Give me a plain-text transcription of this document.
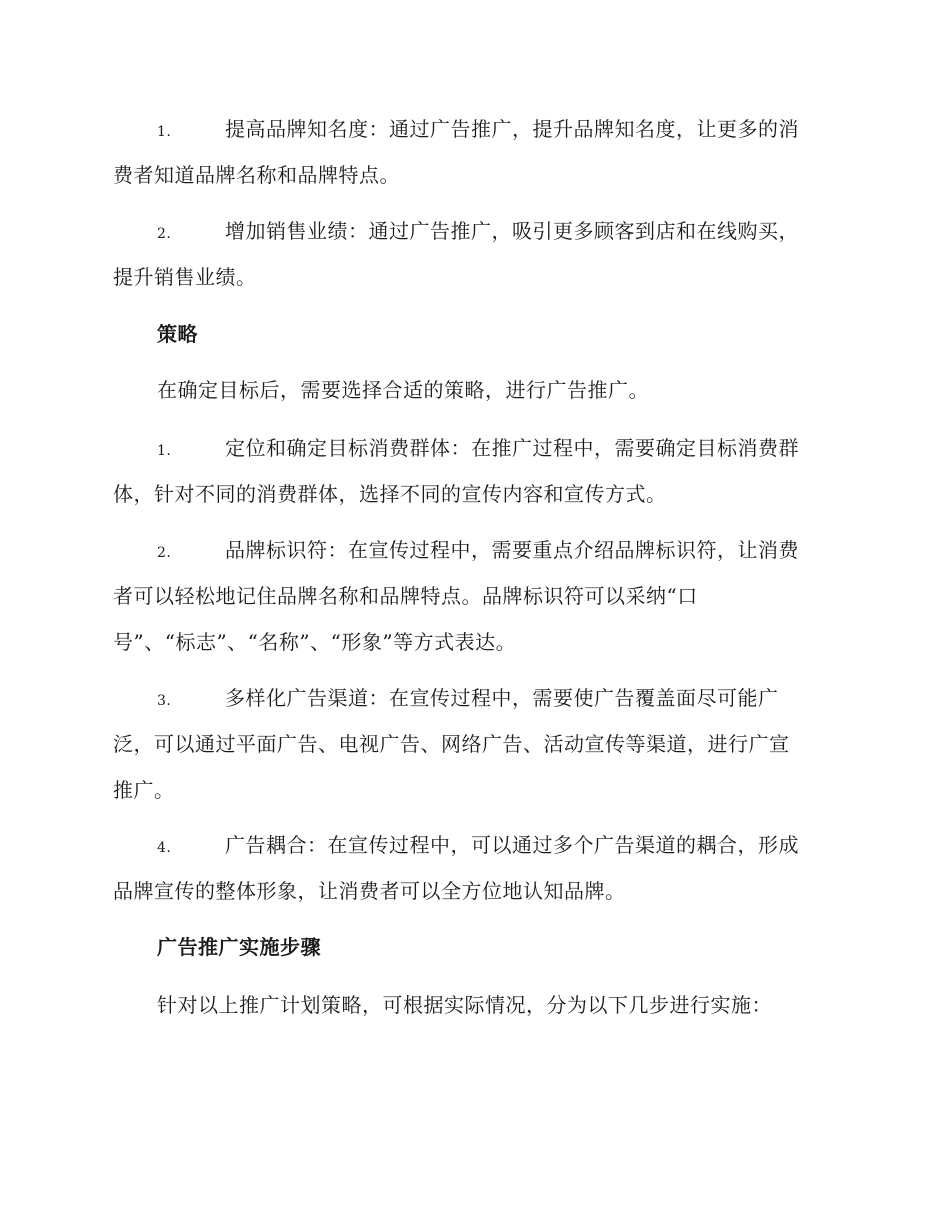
1.	提高品牌知名度：通过广告推广，提升品牌知名度，让更多的消
费者知道品牌名称和品牌特点。
2.	增加销售业绩：通过广告推广，吸引更多顾客到店和在线购买，
提升销售业绩。
策略
在确定目标后，需要选择合适的策略，进行广告推广。
1.	定位和确定目标消费群体：在推广过程中，需要确定目标消费群
体，针对不同的消费群体，选择不同的宣传内容和宣传方式。
2.	品牌标识符：在宣传过程中，需要重点介绍品牌标识符，让消费
者可以轻松地记住品牌名称和品牌特点。品牌标识符可以采纳“口
号”、“标志”、“名称”、“形象”等方式表达。
3.	多样化广告渠道：在宣传过程中，需要使广告覆盖面尽可能广
泛，可以通过平面广告、电视广告、网络广告、活动宣传等渠道，进行广宣
推广。
4.	广告耦合：在宣传过程中，可以通过多个广告渠道的耦合，形成
品牌宣传的整体形象，让消费者可以全方位地认知品牌。
广告推广实施步骤
针对以上推广计划策略，可根据实际情况，分为以下几步进行实施：
